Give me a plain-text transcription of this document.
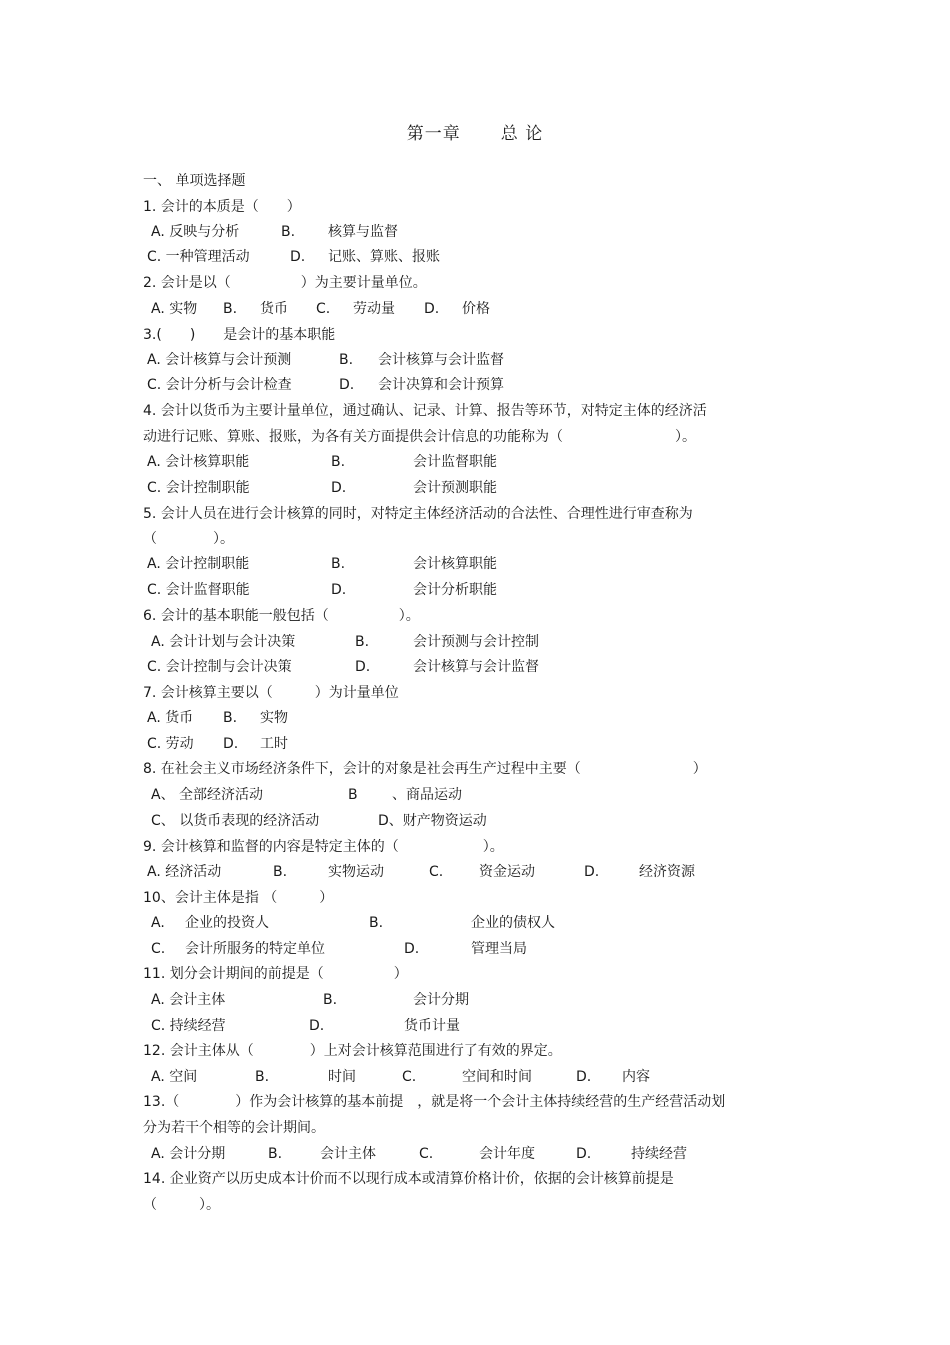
第一章 总 论
一、 单项选择题
1. 会计的本质是（　　）
A. 反映与分析	B. 核算与监督
C. 一种管理活动	D. 记账、算账、报账
2. 会计是以（　　　　　）为主要计量单位。
A. 实物 B. 货币 C. 劳动量 D. 价格
3.(　　)　　是会计的基本职能
A. 会计核算与会计预测	B. 会计核算与会计监督
C. 会计分析与会计检查	D. 会计决算和会计预算
4. 会计以货币为主要计量单位，通过确认、记录、计算、报告等环节，对特定主体的经济活
动进行记账、算账、报账，为各有关方面提供会计信息的功能称为（　　　　　　　　）。
A. 会计核算职能	B.	会计监督职能
C. 会计控制职能	D.	会计预测职能
5. 会计人员在进行会计核算的同时，对特定主体经济活动的合法性、合理性进行审查称为
（　　　　）。
A. 会计控制职能	B.	会计核算职能
C. 会计监督职能	D.	会计分析职能
6. 会计的基本职能一般包括（　　　　　）。
A. 会计计划与会计决策	B.	会计预测与会计控制
C. 会计控制与会计决策	D.	会计核算与会计监督
7. 会计核算主要以（　　　）为计量单位
A. 货币 B. 实物
C. 劳动 D. 工时
8. 在社会主义市场经济条件下，会计的对象是社会再生产过程中主要（　　　　　　　　）
A、 全部经济活动	B 、商品运动
C、 以货币表现的经济活动	D、财产物资运动
9. 会计核算和监督的内容是特定主体的（　　　　　　）。
A. 经济活动	B.	实物运动	C.	资金运动	D.	经济资源
10、会计主体是指 （　　　）
A. 企业的投资人	B.	企业的债权人
C. 会计所服务的特定单位	D.	管理当局
11. 划分会计期间的前提是（　　　　　）
A. 会计主体	B.	会计分期
C. 持续经营	D.	货币计量
12. 会计主体从（　　　　）上对会计核算范围进行了有效的界定。
A. 空间	B.	时间	C.	空间和时间	D. 内容
13.（　　　　）作为会计核算的基本前提　，就是将一个会计主体持续经营的生产经营活动划
分为若干个相等的会计期间。
A. 会计分期	B.	会计主体	C.	会计年度	D.	持续经营
14. 企业资产以历史成本计价而不以现行成本或清算价格计价，依据的会计核算前提是
（　　　）。
